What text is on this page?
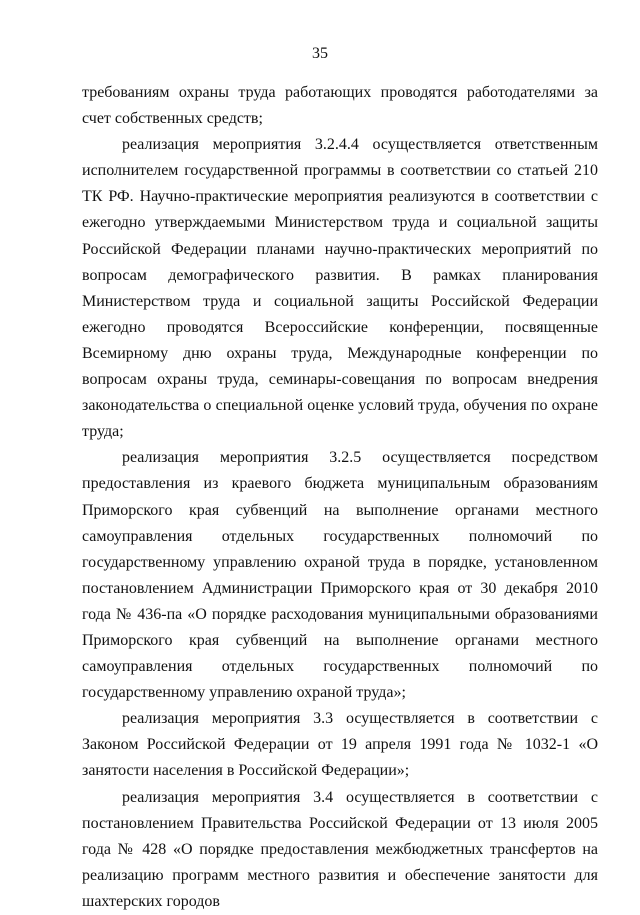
35

требованиям охраны труда работающих проводятся работодателями за счет собственных средств;

реализация мероприятия 3.2.4.4 осуществляется ответственным исполнителем государственной программы в соответствии со статьей 210 ТК РФ. Научно-практические мероприятия реализуются в соответствии с ежегодно утверждаемыми Министерством труда и социальной защиты Российской Федерации планами научно-практических мероприятий по вопросам демографического развития. В рамках планирования Министерством труда и социальной защиты Российской Федерации ежегодно проводятся Всероссийские конференции, посвященные Всемирному дню охраны труда, Международные конференции по вопросам охраны труда, семинары-совещания по вопросам внедрения законодательства о специальной оценке условий труда, обучения по охране труда;

реализация мероприятия 3.2.5 осуществляется посредством предоставления из краевого бюджета муниципальным образованиям Приморского края субвенций на выполнение органами местного самоуправления отдельных государственных полномочий по государственному управлению охраной труда в порядке, установленном постановлением Администрации Приморского края от 30 декабря 2010 года № 436-па «О порядке расходования муниципальными образованиями Приморского края субвенций на выполнение органами местного самоуправления отдельных государственных полномочий по государственному управлению охраной труда»;

реализация мероприятия 3.3 осуществляется в соответствии с Законом Российской Федерации от 19 апреля 1991 года № 1032-1 «О занятости населения в Российской Федерации»;

реализация мероприятия 3.4 осуществляется в соответствии с постановлением Правительства Российской Федерации от 13 июля 2005 года № 428 «О порядке предоставления межбюджетных трансфертов на реализацию программ местного развития и обеспечение занятости для шахтерских городов
